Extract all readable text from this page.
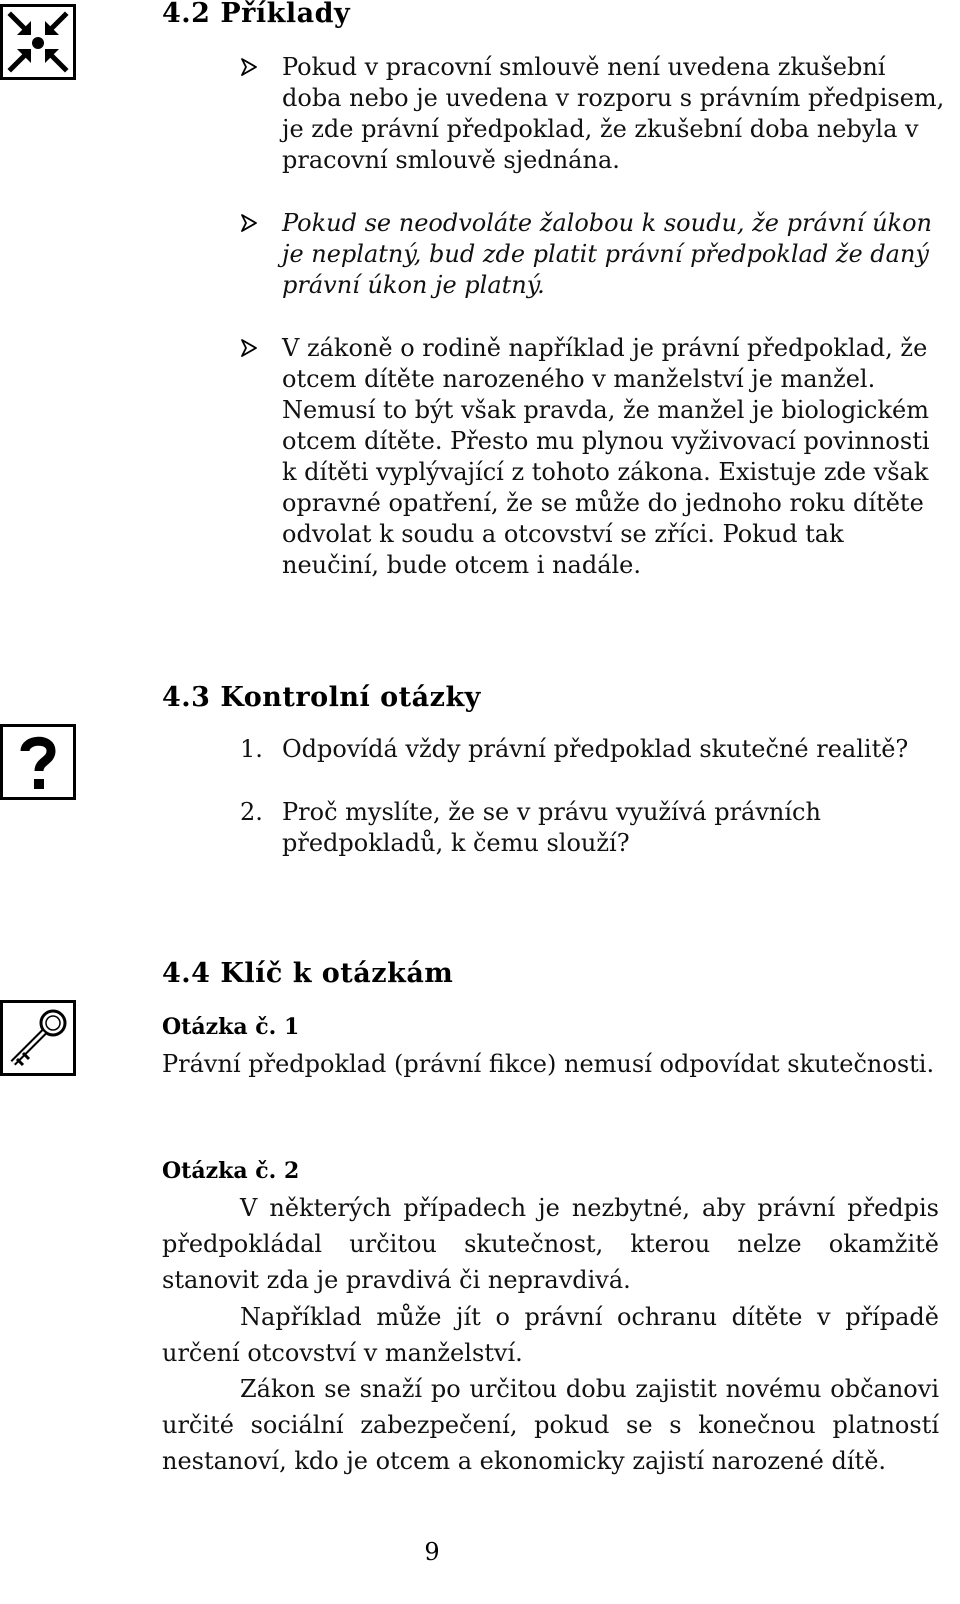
4.2 Příklady
Pokud v pracovní smlouvě není uvedena zkušební doba nebo je uvedena v rozporu s právním předpisem, je zde právní předpoklad, že zkušební doba nebyla v pracovní smlouvě sjednána.
Pokud se neodvoláte žalobou k soudu, že právní úkon je neplatný, bud zde platit právní předpoklad že daný právní úkon je platný.
V zákoně o rodině například je právní předpoklad, že otcem dítěte narozeného v manželství je manžel. Nemusí to být však pravda, že manžel je biologickém otcem dítěte. Přesto mu plynou vyživovací povinnosti k dítěti vyplývající z tohoto zákona. Existuje zde však opravné opatření, že se může do jednoho roku dítěte odvolat k soudu a otcovství se zříci. Pokud tak neučiní, bude otcem i nadále.
4.3 Kontrolní otázky
1. Odpovídá vždy právní předpoklad skutečné realitě?
2. Proč myslíte, že se v právu využívá právních předpokladů, k čemu slouží?
4.4 Klíč k otázkám
Otázka č. 1

Právní předpoklad (právní fikce) nemusí odpovídat skutečnosti.

Otázka č. 2

V některých případech je nezbytné, aby právní předpis předpokládal určitou skutečnost, kterou nelze okamžitě stanovit zda je pravdivá či nepravdivá.

Například může jít o právní ochranu dítěte v případě určení otcovství v manželství.

Zákon se snaží po určitou dobu zajistit novému občanovi určité sociální zabezpečení, pokud se s konečnou platností nestanoví, kdo je otcem a ekonomicky zajistí narozené dítě.

9
